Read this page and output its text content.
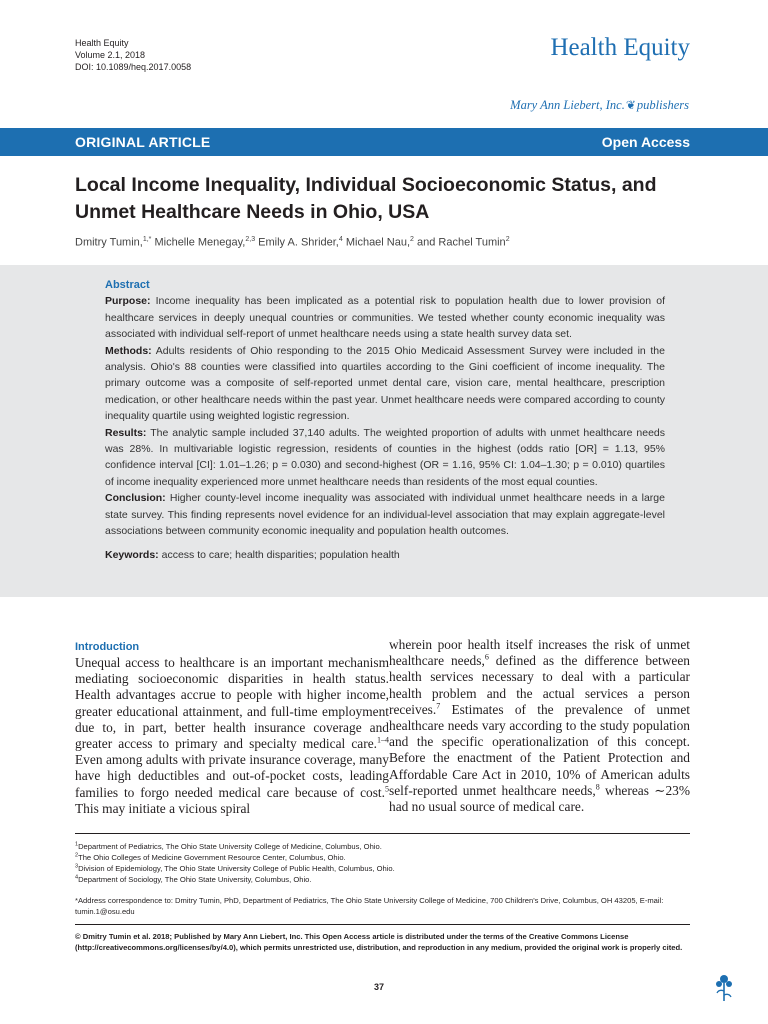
Health Equity
Volume 2.1, 2018
DOI: 10.1089/heq.2017.0058
Health Equity
Mary Ann Liebert, Inc.❦publishers
ORIGINAL ARTICLE	Open Access
Local Income Inequality, Individual Socioeconomic Status, and Unmet Healthcare Needs in Ohio, USA
Dmitry Tumin,$^{1,*}$ Michelle Menegay,$^{2,3}$ Emily A. Shrider,$^4$ Michael Nau,$^2$ and Rachel Tumin$^2$
Abstract

Purpose: Income inequality has been implicated as a potential risk to population health due to lower provision of healthcare services in deeply unequal countries or communities. We tested whether county economic inequality was associated with individual self-report of unmet healthcare needs using a state health survey data set.

Methods: Adults residents of Ohio responding to the 2015 Ohio Medicaid Assessment Survey were included in the analysis. Ohio's 88 counties were classified into quartiles according to the Gini coefficient of income inequality. The primary outcome was a composite of self-reported unmet dental care, vision care, mental healthcare, prescription medication, or other healthcare needs within the past year. Unmet healthcare needs were compared according to county inequality quartile using weighted logistic regression.

Results: The analytic sample included 37,140 adults. The weighted proportion of adults with unmet healthcare needs was 28%. In multivariable logistic regression, residents of counties in the highest (odds ratio [OR] = 1.13, 95% confidence interval [CI]: 1.01–1.26; p = 0.030) and second-highest (OR = 1.16, 95% CI: 1.04–1.30; p = 0.010) quartiles of income inequality experienced more unmet healthcare needs than residents of the most equal counties.

Conclusion: Higher county-level income inequality was associated with individual unmet healthcare needs in a large state survey. This finding represents novel evidence for an individual-level association that may explain aggregate-level associations between community economic inequality and population health outcomes.

Keywords: access to care; health disparities; population health

Introduction

Unequal access to healthcare is an important mechanism mediating socioeconomic disparities in health status. Health advantages accrue to people with higher income, greater educational attainment, and full-time employment due to, in part, better health insurance coverage and greater access to primary and specialty medical care.$^{1-4}$ Even among adults with private insurance coverage, many have high deductibles and out-of-pocket costs, leading families to forgo needed medical care because of cost.$^5$ This may initiate a vicious spiral

wherein poor health itself increases the risk of unmet healthcare needs,$^6$ defined as the difference between health services necessary to deal with a particular health problem and the actual services a person receives.$^7$ Estimates of the prevalence of unmet healthcare needs vary according to the study population and the specific operationalization of this concept. Before the enactment of the Patient Protection and Affordable Care Act in 2010, 10% of American adults self-reported unmet healthcare needs,$^8$ whereas ∼23% had no usual source of medical care.

$^1$Department of Pediatrics, The Ohio State University College of Medicine, Columbus, Ohio.
$^2$The Ohio Colleges of Medicine Government Resource Center, Columbus, Ohio.
$^3$Division of Epidemiology, The Ohio State University College of Public Health, Columbus, Ohio.
$^4$Department of Sociology, The Ohio State University, Columbus, Ohio.
*Address correspondence to: Dmitry Tumin, PhD, Department of Pediatrics, The Ohio State University College of Medicine, 700 Children's Drive, Columbus, OH 43205, E-mail: tumin.1@osu.edu
© Dmitry Tumin et al. 2018; Published by Mary Ann Liebert, Inc. This Open Access article is distributed under the terms of the Creative Commons License (http://creativecommons.org/licenses/by/4.0), which permits unrestricted use, distribution, and reproduction in any medium, provided the original work is properly cited.
37
